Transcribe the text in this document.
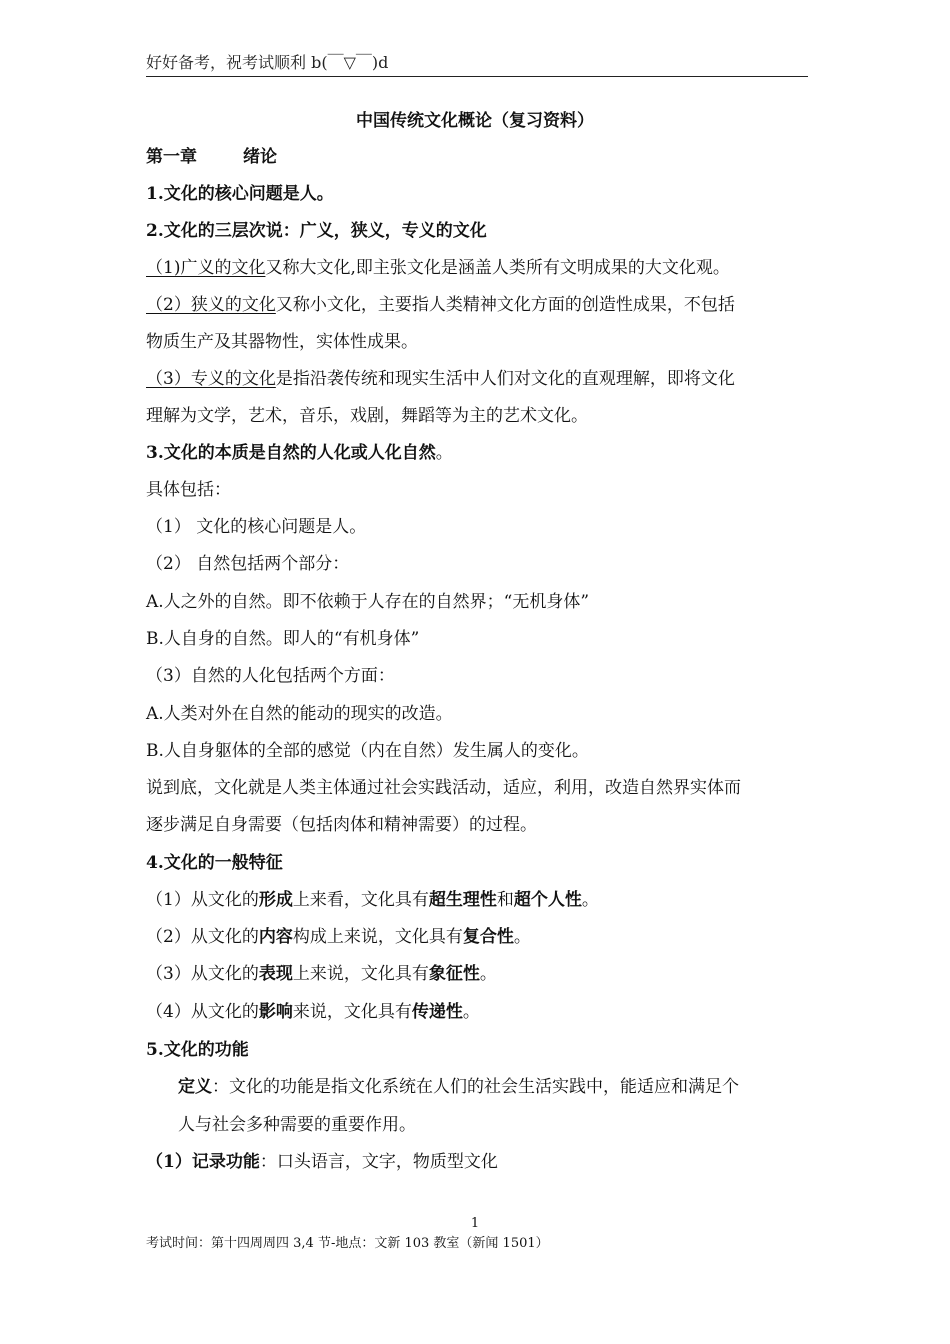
好好备考，祝考试顺利 b(￣▽￣)d
中国传统文化概论（复习资料）
第一章	绪论
1.文化的核心问题是人。
2.文化的三层次说：广义，狭义，专义的文化
（1)广义的文化又称大文化,即主张文化是涵盖人类所有文明成果的大文化观。
（2）狭义的文化又称小文化，主要指人类精神文化方面的创造性成果，不包括
物质生产及其器物性，实体性成果。
（3）专义的文化是指沿袭传统和现实生活中人们对文化的直观理解，即将文化
理解为文学，艺术，音乐，戏剧，舞蹈等为主的艺术文化。
3.文化的本质是自然的人化或人化自然。
具体包括：
（1） 文化的核心问题是人。
（2） 自然包括两个部分：
A.人之外的自然。即不依赖于人存在的自然界；“无机身体”
B.人自身的自然。即人的“有机身体”
（3）自然的人化包括两个方面：
A.人类对外在自然的能动的现实的改造。
B.人自身躯体的全部的感觉（内在自然）发生属人的变化。
说到底，文化就是人类主体通过社会实践活动，适应，利用，改造自然界实体而
逐步满足自身需要（包括肉体和精神需要）的过程。
4.文化的一般特征
（1）从文化的形成上来看，文化具有超生理性和超个人性。
（2）从文化的内容构成上来说，文化具有复合性。
（3）从文化的表现上来说，文化具有象征性。
（4）从文化的影响来说，文化具有传递性。
5.文化的功能
定义：文化的功能是指文化系统在人们的社会生活实践中，能适应和满足个
人与社会多种需要的重要作用。
（1）记录功能：口头语言，文字，物质型文化
1
考试时间：第十四周周四 3,4 节-地点：文新 103 教室（新闻 1501）
